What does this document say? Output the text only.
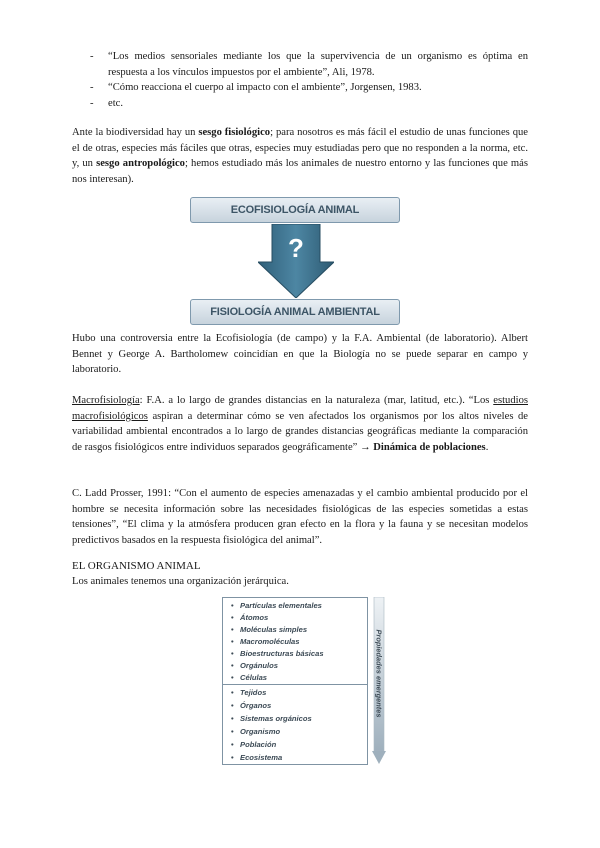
- “Los medios sensoriales mediante los que la supervivencia de un organismo es óptima en respuesta a los vínculos impuestos por el ambiente”, Ali, 1978.
- “Cómo reacciona el cuerpo al impacto con el ambiente”, Jorgensen, 1983.
- etc.
Ante la biodiversidad hay un sesgo fisiológico; para nosotros es más fácil el estudio de unas funciones que el de otras, especies más fáciles que otras, especies muy estudiadas pero que no responden a la norma, etc. y, un sesgo antropológico; hemos estudiado más los animales de nuestro entorno y las funciones que más nos interesan).
ECOFISIOLOGÍA ANIMAL
?
FISIOLOGÍA ANIMAL AMBIENTAL
Hubo una controversia entre la Ecofisiología (de campo) y la F.A. Ambiental (de laboratorio). Albert Bennet y George A. Bartholomew coincidían en que la Biología no se puede separar en campo y laboratorio.
Macrofisiología: F.A. a lo largo de grandes distancias en la naturaleza (mar, latitud, etc.). “Los estudios macrofisiológicos aspiran a determinar cómo se ven afectados los organismos por los altos niveles de variabilidad ambiental encontrados a lo largo de grandes distancias geográficas mediante la comparación de rasgos fisiológicos entre individuos separados geográficamente” → Dinámica de poblaciones.
C. Ladd Prosser, 1991: “Con el aumento de especies amenazadas y el cambio ambiental producido por el hombre se necesita información sobre las necesidades fisiológicas de las especies sometidas a estas tensiones”, “El clima y la atmósfera producen gran efecto en la flora y la fauna y se necesitan modelos predictivos basados en la respuesta fisiológica del animal”.
EL ORGANISMO ANIMAL
Los animales tenemos una organización jerárquica.
• Partículas elementales
• Átomos
• Moléculas simples
• Macromoléculas
• Bioestructuras básicas
• Orgánulos
• Células
• Tejidos
• Órganos
• Sistemas orgánicos
• Organismo
• Población
• Ecosistema
Propiedades emergentes
